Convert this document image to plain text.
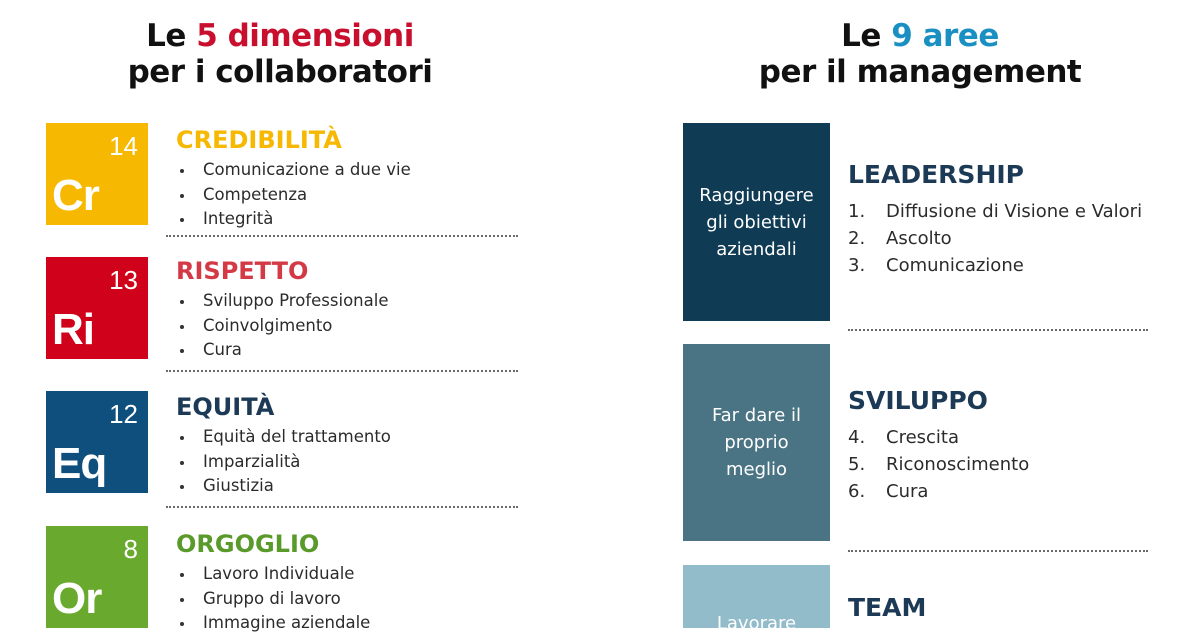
Le 5 dimensioni
per i collaboratori
Le 9 aree
per il management
14
Cr
CREDIBILITÀ
Comunicazione a due vie
Competenza
Integrità
13
Ri
RISPETTO
Sviluppo Professionale
Coinvolgimento
Cura
12
Eq
EQUITÀ
Equità del trattamento
Imparzialità
Giustizia
8
Or
ORGOGLIO
Lavoro Individuale
Gruppo di lavoro
Immagine aziendale
Raggiungere
gli obiettivi
aziendali
LEADERSHIP
1.	Diffusione di Visione e Valori
2.	Ascolto
3.	Comunicazione
Far dare il
proprio
meglio
SVILUPPO
4.	Crescita
5.	Riconoscimento
6.	Cura
Lavorare
TEAM
